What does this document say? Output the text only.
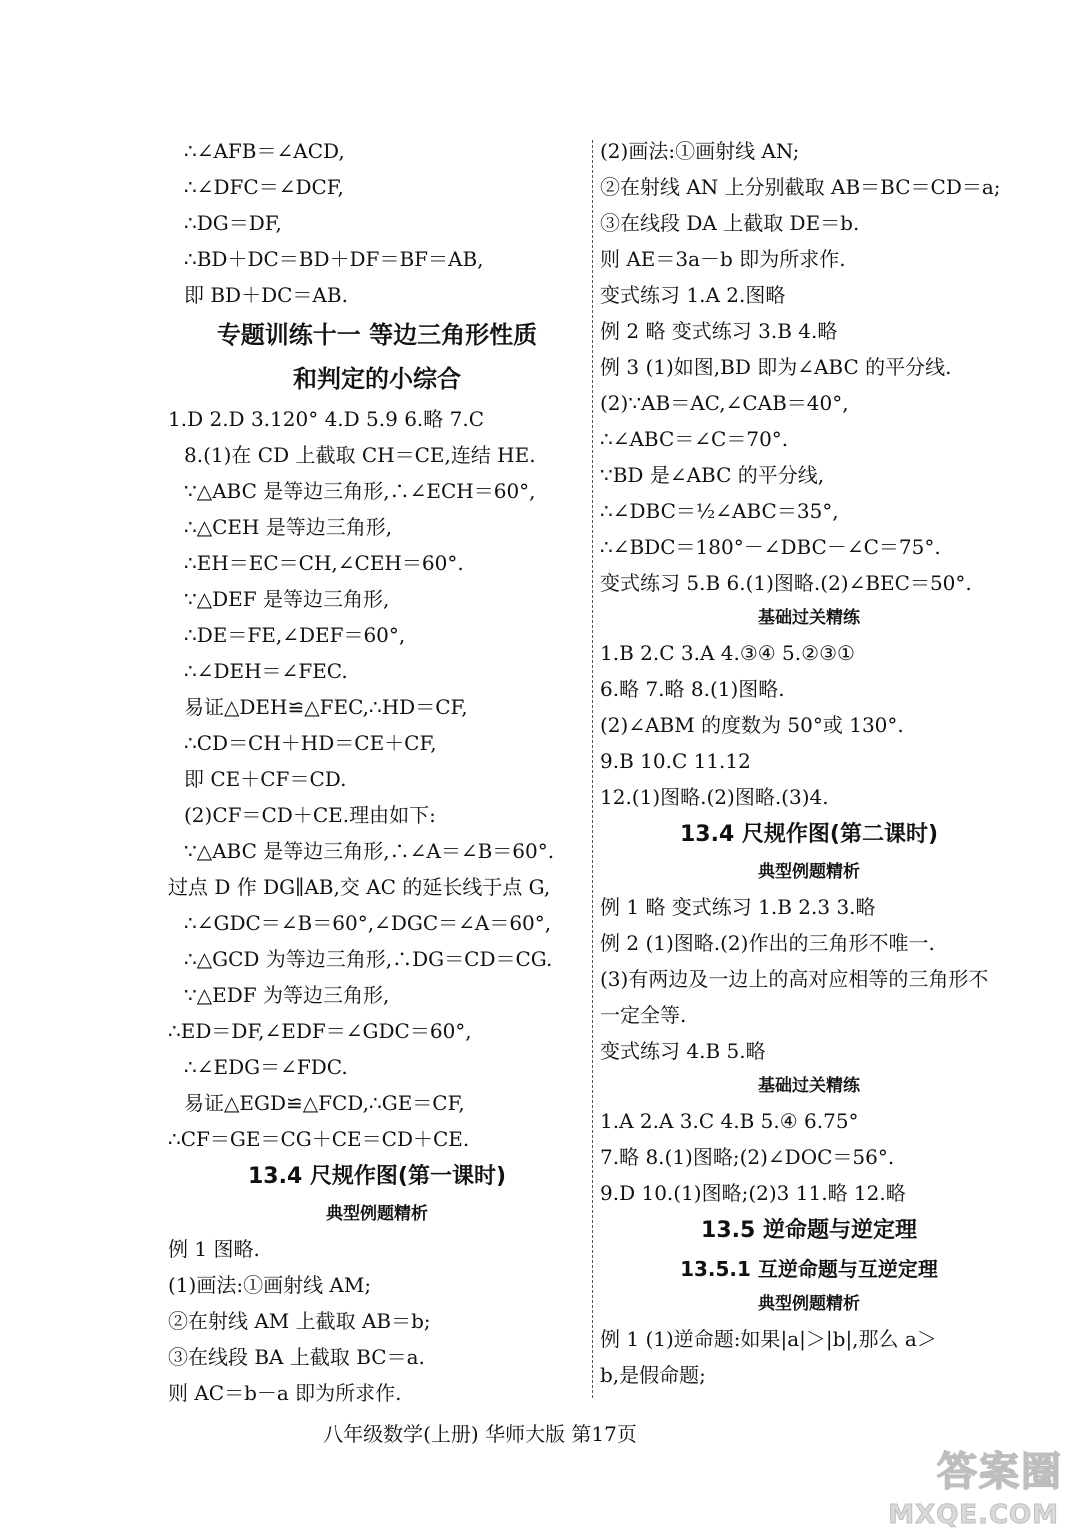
∴∠AFB＝∠ACD,
∴∠DFC＝∠DCF,
∴DG＝DF,
∴BD＋DC＝BD＋DF＝BF＝AB,
即 BD＋DC＝AB.
专题训练十一 等边三角形性质
和判定的小综合
1.D 2.D 3.120° 4.D 5.9 6.略 7.C
8.(1)在 CD 上截取 CH＝CE,连结 HE.
∵△ABC 是等边三角形,∴∠ECH＝60°,
∴△CEH 是等边三角形,
∴EH＝EC＝CH,∠CEH＝60°.
∵△DEF 是等边三角形,
∴DE＝FE,∠DEF＝60°,
∴∠DEH＝∠FEC.
易证△DEH≌△FEC,∴HD＝CF,
∴CD＝CH＋HD＝CE＋CF,
即 CE＋CF＝CD.
(2)CF＝CD＋CE.理由如下:
∵△ABC 是等边三角形,∴∠A＝∠B＝60°.
过点 D 作 DG∥AB,交 AC 的延长线于点 G,
∴∠GDC＝∠B＝60°,∠DGC＝∠A＝60°,
∴△GCD 为等边三角形,∴DG＝CD＝CG.
∵△EDF 为等边三角形,
∴ED＝DF,∠EDF＝∠GDC＝60°,
∴∠EDG＝∠FDC.
易证△EGD≌△FCD,∴GE＝CF,
∴CF＝GE＝CG＋CE＝CD＋CE.
13.4 尺规作图(第一课时)
典型例题精析
例 1 图略.
(1)画法:①画射线 AM;
②在射线 AM 上截取 AB＝b;
③在线段 BA 上截取 BC＝a.
则 AC＝b－a 即为所求作.
(2)画法:①画射线 AN;
②在射线 AN 上分别截取 AB＝BC＝CD＝a;
③在线段 DA 上截取 DE＝b.
则 AE＝3a－b 即为所求作.
变式练习 1.A 2.图略
例 2 略 变式练习 3.B 4.略
例 3 (1)如图,BD 即为∠ABC 的平分线.
(2)∵AB＝AC,∠CAB＝40°,
∴∠ABC＝∠C＝70°.
∵BD 是∠ABC 的平分线,
∴∠DBC＝½∠ABC＝35°,
∴∠BDC＝180°－∠DBC－∠C＝75°.
变式练习 5.B 6.(1)图略.(2)∠BEC＝50°.
基础过关精练
1.B 2.C 3.A 4.③④ 5.②③①
6.略 7.略 8.(1)图略.
(2)∠ABM 的度数为 50°或 130°.
9.B 10.C 11.12
12.(1)图略.(2)图略.(3)4.
13.4 尺规作图(第二课时)
典型例题精析
例 1 略 变式练习 1.B 2.3 3.略
例 2 (1)图略.(2)作出的三角形不唯一.
(3)有两边及一边上的高对应相等的三角形不
一定全等.
变式练习 4.B 5.略
基础过关精练
1.A 2.A 3.C 4.B 5.④ 6.75°
7.略 8.(1)图略;(2)∠DOC＝56°.
9.D 10.(1)图略;(2)3 11.略 12.略
13.5 逆命题与逆定理
13.5.1 互逆命题与互逆定理
典型例题精析
例 1 (1)逆命题:如果|a|＞|b|,那么 a＞
b,是假命题;
八年级数学(上册) 华师大版 第17页
答案圈
MXQE.COM
